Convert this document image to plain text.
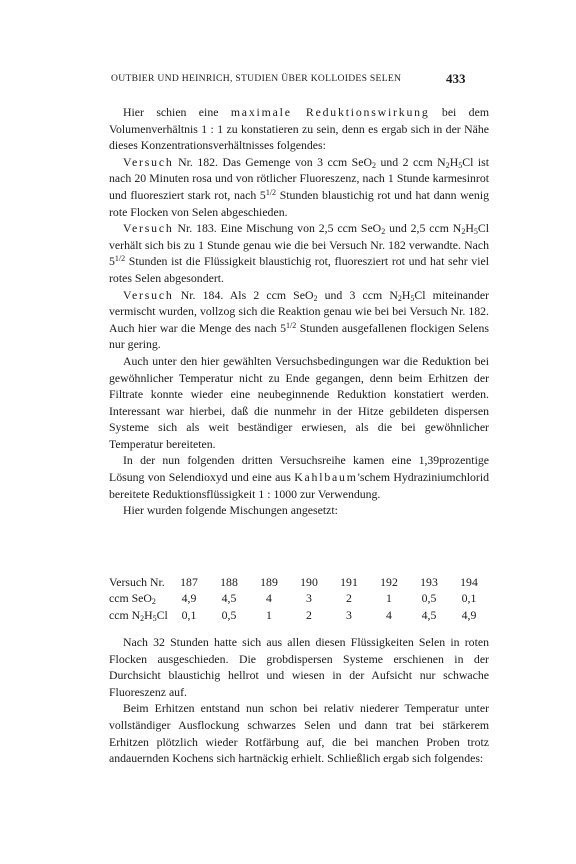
OUTBIER UND HEINRICH, STUDIEN ÜBER KOLLOIDES SELEN	433

Hier schien eine maximale Reduktionswirkung bei dem Volumenverhältnis 1 : 1 zu konstatieren zu sein, denn es ergab sich in der Nähe dieses Konzentrationsverhältnisses folgendes:

Versuch Nr. 182. Das Gemenge von 3 ccm SeO$_2$ und 2 ccm $N_2H_5Cl$ ist nach 20 Minuten rosa und von rötlicher Fluoreszenz, nach 1 Stunde karmesinrot und fluoresziert stark rot, nach $5^{1/2}$ Stunden blaustichig rot und hat dann wenig rote Flocken von Selen abgeschieden.

Versuch Nr. 183. Eine Mischung von 2,5 ccm SeO$_2$ und 2,5 ccm $N_2H_5Cl$ verhält sich bis zu 1 Stunde genau wie die bei Versuch Nr. 182 verwandte. Nach $5^{1/2}$ Stunden ist die Flüssigkeit blaustichig rot, fluoresziert rot und hat sehr viel rotes Selen abgesondert.

Versuch Nr. 184. Als 2 ccm SeO$_2$ und 3 ccm $N_2H_5Cl$ miteinander vermischt wurden, vollzog sich die Reaktion genau wie bei bei Versuch Nr. 182. Auch hier war die Menge des nach $5^{1/2}$ Stunden ausgefallenen flockigen Selens nur gering.

Auch unter den hier gewählten Versuchsbedingungen war die Reduktion bei gewöhnlicher Temperatur nicht zu Ende gegangen, denn beim Erhitzen der Filtrate konnte wieder eine neubeginnende Reduktion konstatiert werden. Interessant war hierbei, daß die nunmehr in der Hitze gebildeten dispersen Systeme sich als weit beständiger erwiesen, als die bei gewöhnlicher Temperatur bereiteten.

In der nun folgenden dritten Versuchsreihe kamen eine 1,39prozentige Lösung von Selendioxyd und eine aus Kahlbaum'schem Hydraziniumchlorid bereitete Reduktionsflüssigkeit 1 : 1000 zur Verwendung.

Hier wurden folgende Mischungen angesetzt:

Versuch Nr.	187	188	189	190	191	192	193	194
ccm SeO$_2$	4,9	4,5	4	3	2	1	0,5	0,1
ccm $N_2H_5Cl$	0,1	0,5	1	2	3	4	4,5	4,9

Nach 32 Stunden hatte sich aus allen diesen Flüssigkeiten Selen in roten Flocken ausgeschieden. Die grobdispersen Systeme erschienen in der Durchsicht blaustichig hellrot und wiesen in der Aufsicht nur schwache Fluoreszenz auf.

Beim Erhitzen entstand nun schon bei relativ niederer Temperatur unter vollständiger Ausflockung schwarzes Selen und dann trat bei stärkerem Erhitzen plötzlich wieder Rotfärbung auf, die bei manchen Proben trotz andauernden Kochens sich hartnäckig erhielt. Schließlich ergab sich folgendes:
